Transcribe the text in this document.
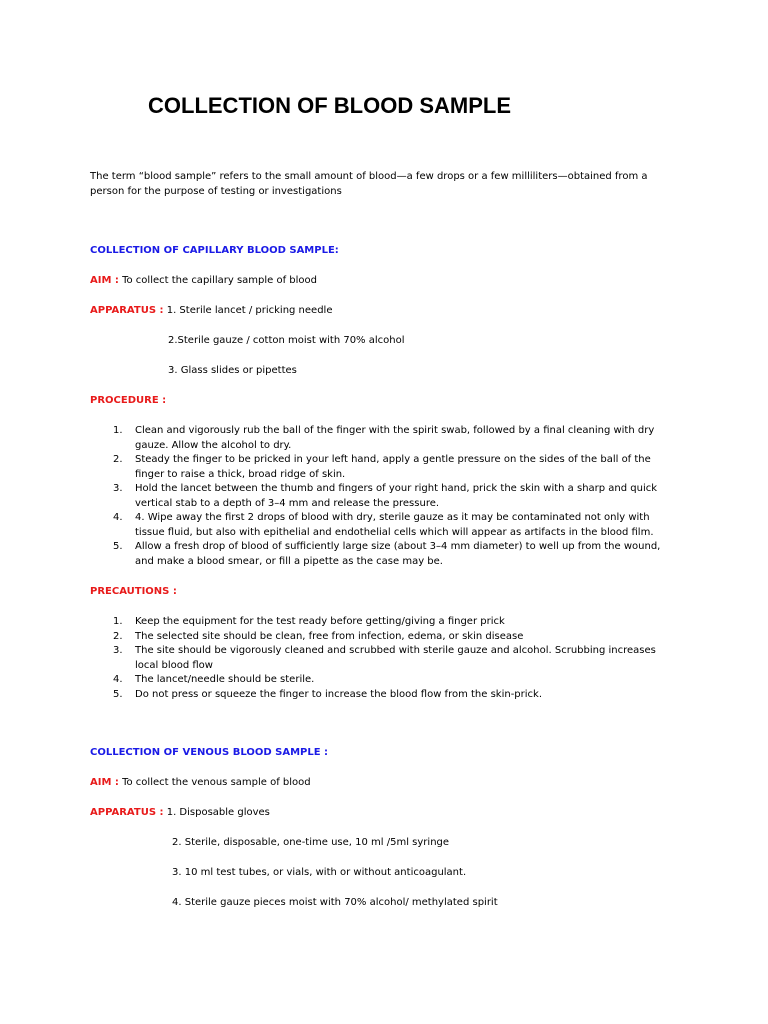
COLLECTION OF BLOOD SAMPLE
The term “blood sample” refers to the small amount of blood—a few drops or a few milliliters—obtained from a person for the purpose of testing or investigations
COLLECTION OF CAPILLARY BLOOD SAMPLE:
AIM : To collect the capillary sample of blood
APPARATUS : 1. Sterile lancet / pricking needle
2.Sterile gauze / cotton moist with 70% alcohol
3. Glass slides or pipettes
PROCEDURE :
1. Clean and vigorously rub the ball of the finger with the spirit swab, followed by a final cleaning with dry gauze. Allow the alcohol to dry.
2. Steady the finger to be pricked in your left hand, apply a gentle pressure on the sides of the ball of the finger to raise a thick, broad ridge of skin.
3. Hold the lancet between the thumb and fingers of your right hand, prick the skin with a sharp and quick vertical stab to a depth of 3–4 mm and release the pressure.
4. 4. Wipe away the first 2 drops of blood with dry, sterile gauze as it may be contaminated not only with tissue fluid, but also with epithelial and endothelial cells which will appear as artifacts in the blood film.
5. Allow a fresh drop of blood of sufficiently large size (about 3–4 mm diameter) to well up from the wound, and make a blood smear, or fill a pipette as the case may be.
PRECAUTIONS :
1. Keep the equipment for the test ready before getting/giving a finger prick
2. The selected site should be clean, free from infection, edema, or skin disease
3. The site should be vigorously cleaned and scrubbed with sterile gauze and alcohol. Scrubbing increases local blood flow
4. The lancet/needle should be sterile.
5. Do not press or squeeze the finger to increase the blood flow from the skin-prick.
COLLECTION OF VENOUS BLOOD SAMPLE :
AIM : To collect the venous sample of blood
APPARATUS : 1. Disposable gloves
2. Sterile, disposable, one-time use, 10 ml /5ml syringe
3. 10 ml test tubes, or vials, with or without anticoagulant.
4. Sterile gauze pieces moist with 70% alcohol/ methylated spirit
